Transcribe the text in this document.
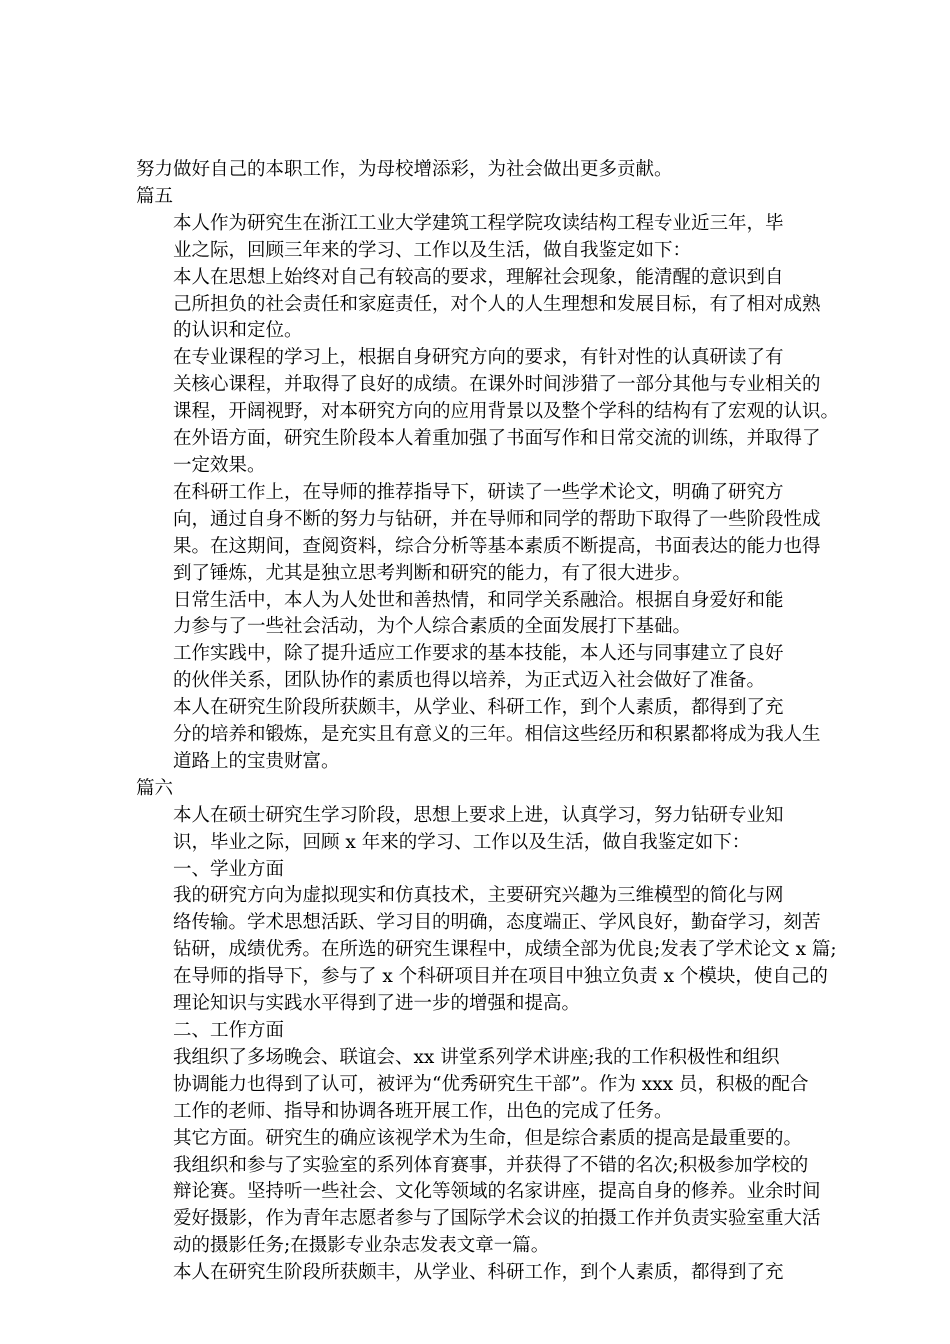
努力做好自己的本职工作，为母校增添彩，为社会做出更多贡献。
篇五
本人作为研究生在浙江工业大学建筑工程学院攻读结构工程专业近三年，毕
业之际，回顾三年来的学习、工作以及生活，做自我鉴定如下：
本人在思想上始终对自己有较高的要求，理解社会现象，能清醒的意识到自
己所担负的社会责任和家庭责任，对个人的人生理想和发展目标，有了相对成熟
的认识和定位。
在专业课程的学习上，根据自身研究方向的要求，有针对性的认真研读了有
关核心课程，并取得了良好的成绩。在课外时间涉猎了一部分其他与专业相关的
课程，开阔视野，对本研究方向的应用背景以及整个学科的结构有了宏观的认识。
在外语方面，研究生阶段本人着重加强了书面写作和日常交流的训练，并取得了
一定效果。
在科研工作上，在导师的推荐指导下，研读了一些学术论文，明确了研究方
向，通过自身不断的努力与钻研，并在导师和同学的帮助下取得了一些阶段性成
果。在这期间，查阅资料，综合分析等基本素质不断提高，书面表达的能力也得
到了锤炼，尤其是独立思考判断和研究的能力，有了很大进步。
日常生活中，本人为人处世和善热情，和同学关系融洽。根据自身爱好和能
力参与了一些社会活动，为个人综合素质的全面发展打下基础。
工作实践中，除了提升适应工作要求的基本技能，本人还与同事建立了良好
的伙伴关系，团队协作的素质也得以培养，为正式迈入社会做好了准备。
本人在研究生阶段所获颇丰，从学业、科研工作，到个人素质，都得到了充
分的培养和锻炼，是充实且有意义的三年。相信这些经历和积累都将成为我人生
道路上的宝贵财富。
篇六
本人在硕士研究生学习阶段，思想上要求上进，认真学习，努力钻研专业知
识，毕业之际，回顾 x 年来的学习、工作以及生活，做自我鉴定如下：
一、学业方面
我的研究方向为虚拟现实和仿真技术，主要研究兴趣为三维模型的简化与网
络传输。学术思想活跃、学习目的明确，态度端正、学风良好，勤奋学习，刻苦
钻研，成绩优秀。在所选的研究生课程中，成绩全部为优良;发表了学术论文 x 篇;
在导师的指导下，参与了 x 个科研项目并在项目中独立负责 x 个模块，使自己的
理论知识与实践水平得到了进一步的增强和提高。
二、工作方面
我组织了多场晚会、联谊会、xx 讲堂系列学术讲座;我的工作积极性和组织
协调能力也得到了认可，被评为“优秀研究生干部”。作为 xxx 员，积极的配合
工作的老师、指导和协调各班开展工作，出色的完成了任务。
其它方面。研究生的确应该视学术为生命，但是综合素质的提高是最重要的。
我组织和参与了实验室的系列体育赛事，并获得了不错的名次;积极参加学校的
辩论赛。坚持听一些社会、文化等领域的名家讲座，提高自身的修养。业余时间
爱好摄影，作为青年志愿者参与了国际学术会议的拍摄工作并负责实验室重大活
动的摄影任务;在摄影专业杂志发表文章一篇。
本人在研究生阶段所获颇丰，从学业、科研工作，到个人素质，都得到了充
